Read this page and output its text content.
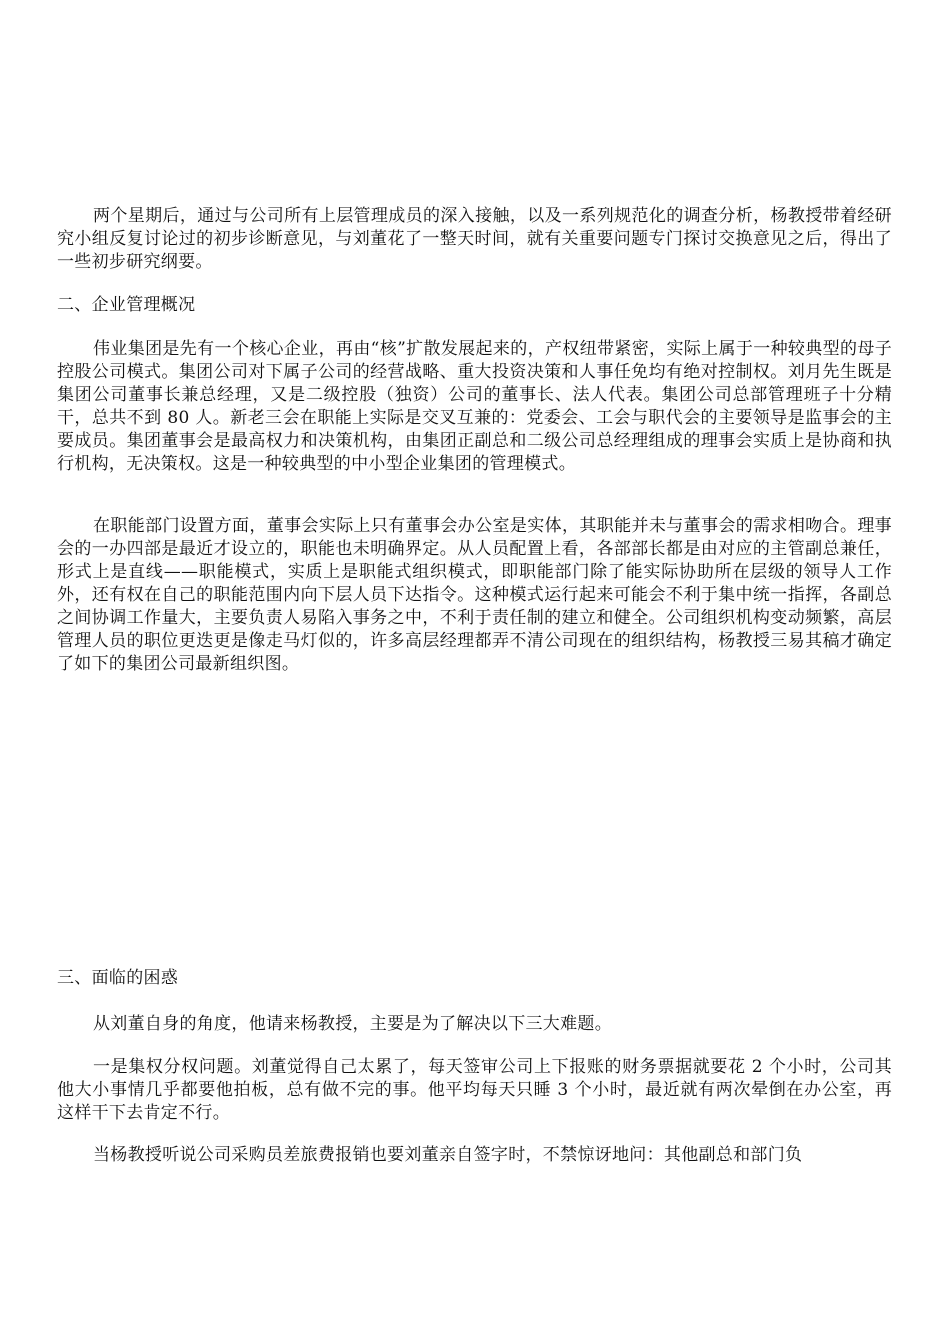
两个星期后，通过与公司所有上层管理成员的深入接触，以及一系列规范化的调查分析，杨教授带着经研究小组反复讨论过的初步诊断意见，与刘董花了一整天时间，就有关重要问题专门探讨交换意见之后，得出了一些初步研究纲要。

二、企业管理概况

伟业集团是先有一个核心企业，再由“核”扩散发展起来的，产权纽带紧密，实际上属于一种较典型的母子控股公司模式。集团公司对下属子公司的经营战略、重大投资决策和人事任免均有绝对控制权。刘月先生既是集团公司董事长兼总经理，又是二级控股（独资）公司的董事长、法人代表。集团公司总部管理班子十分精干，总共不到 80 人。新老三会在职能上实际是交叉互兼的：党委会、工会与职代会的主要领导是监事会的主要成员。集团董事会是最高权力和决策机构，由集团正副总和二级公司总经理组成的理事会实质上是协商和执行机构，无决策权。这是一种较典型的中小型企业集团的管理模式。

在职能部门设置方面，董事会实际上只有董事会办公室是实体，其职能并未与董事会的需求相吻合。理事会的一办四部是最近才设立的，职能也未明确界定。从人员配置上看，各部部长都是由对应的主管副总兼任，形式上是直线——职能模式，实质上是职能式组织模式，即职能部门除了能实际协助所在层级的领导人工作外，还有权在自己的职能范围内向下层人员下达指令。这种模式运行起来可能会不利于集中统一指挥，各副总之间协调工作量大，主要负责人易陷入事务之中，不利于责任制的建立和健全。公司组织机构变动频繁，高层管理人员的职位更迭更是像走马灯似的，许多高层经理都弄不清公司现在的组织结构，杨教授三易其稿才确定了如下的集团公司最新组织图。

三、面临的困惑

从刘董自身的角度，他请来杨教授，主要是为了解决以下三大难题。

一是集权分权问题。刘董觉得自己太累了，每天签审公司上下报账的财务票据就要花 2 个小时，公司其他大小事情几乎都要他拍板，总有做不完的事。他平均每天只睡 3 个小时，最近就有两次晕倒在办公室，再这样干下去肯定不行。

当杨教授听说公司采购员差旅费报销也要刘董亲自签字时，不禁惊讶地问：其他副总和部门负
